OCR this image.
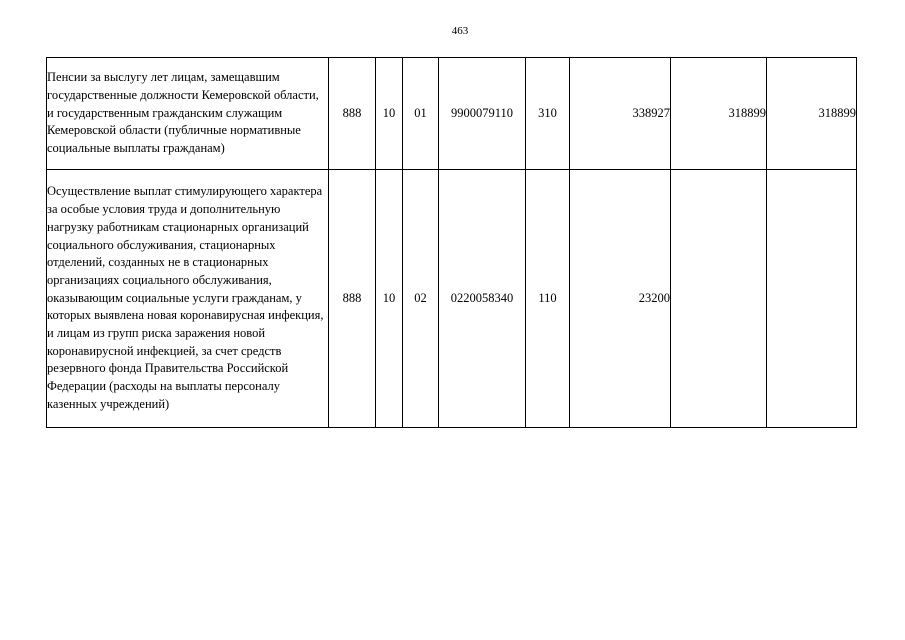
463
Пенсии за выслугу лет лицам, замещавшим государственные должности Кемеровской области, и государственным гражданским служащим Кемеровской области (публичные нормативные социальные выплаты гражданам)	888	10	01	9900079110	310	338927	318899	318899
Осуществление выплат стимулирующего характера за особые условия труда и дополнительную нагрузку работникам стационарных организаций социального обслуживания, стационарных отделений, созданных не в стационарных организациях социального обслуживания, оказывающим социальные услуги гражданам, у которых выявлена новая коронавирусная инфекция, и лицам из групп риска заражения новой коронавирусной инфекцией, за счет средств резервного фонда Правительства Российской Федерации (расходы на выплаты персоналу казенных учреждений)	888	10	02	0220058340	110	23200		
